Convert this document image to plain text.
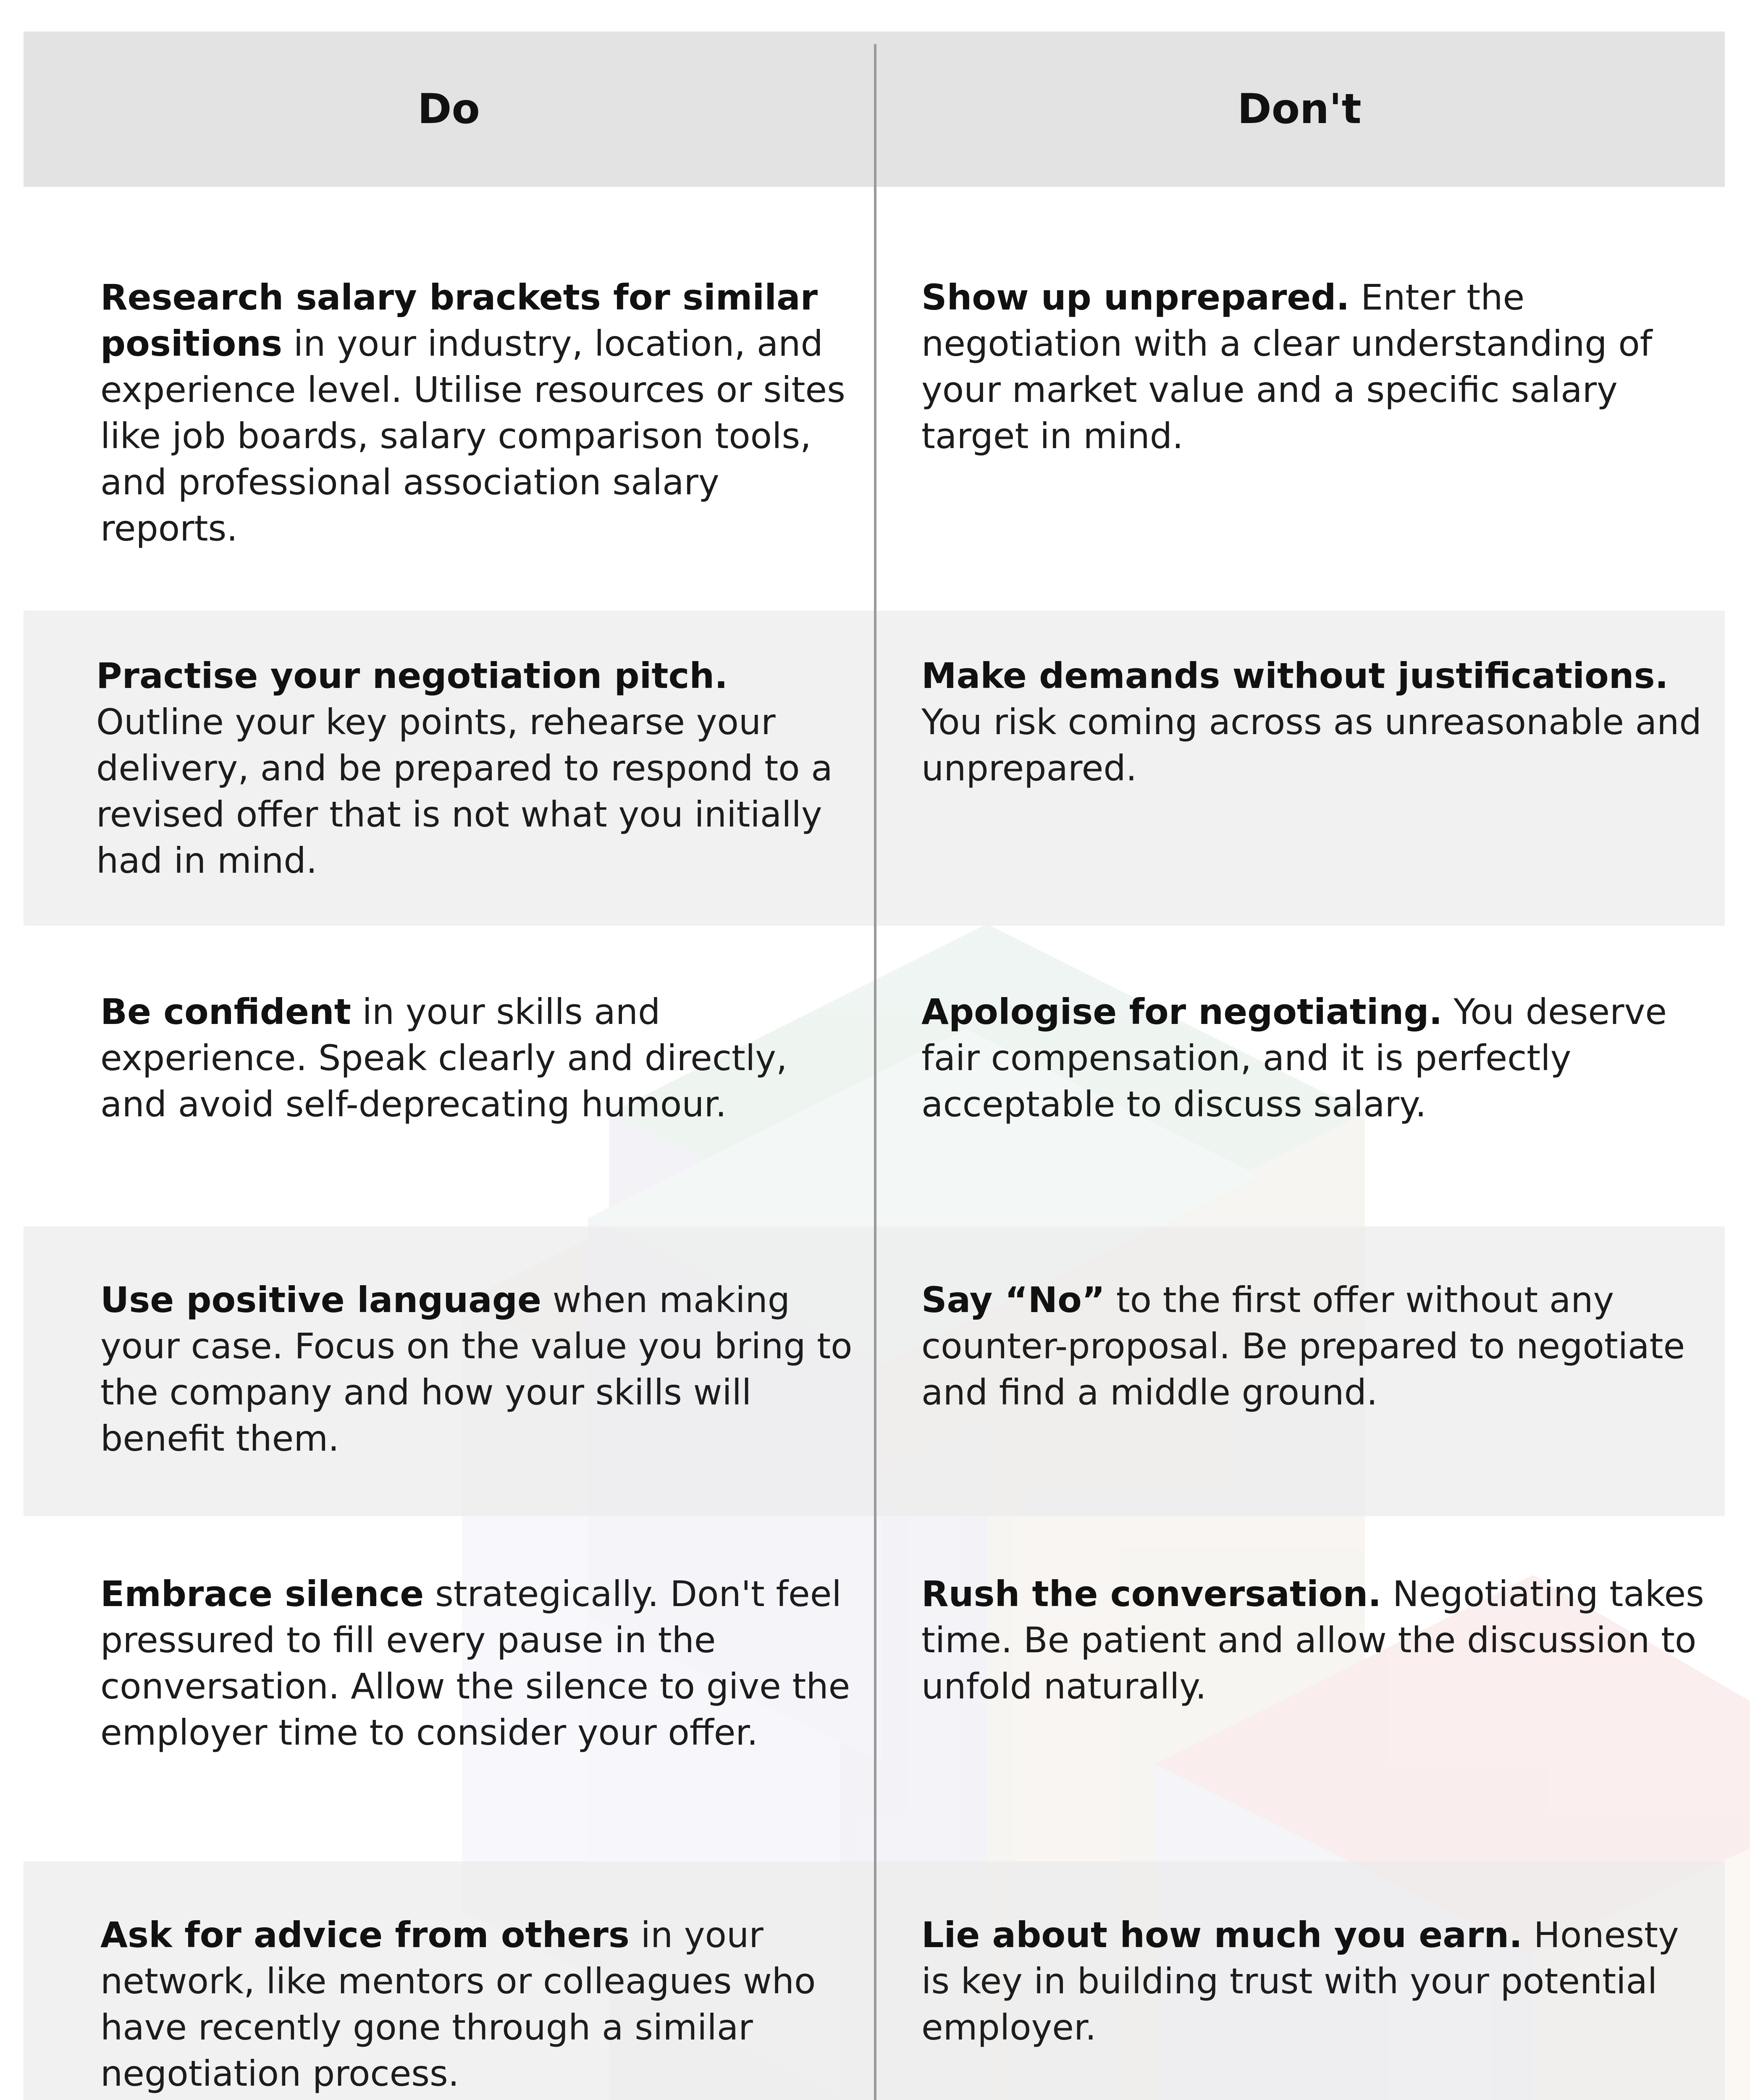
Do	Don't
Research salary brackets for similar positions in your industry, location, and experience level. Utilise resources or sites like job boards, salary comparison tools, and professional association salary reports.
Show up unprepared. Enter the negotiation with a clear understanding of your market value and a specific salary target in mind.
Practise your negotiation pitch. Outline your key points, rehearse your delivery, and be prepared to respond to a revised offer that is not what you initially had in mind.
Make demands without justifications. You risk coming across as unreasonable and unprepared.
Be confident in your skills and experience. Speak clearly and directly, and avoid self-deprecating humour.
Apologise for negotiating. You deserve fair compensation, and it is perfectly acceptable to discuss salary.
Use positive language when making your case. Focus on the value you bring to the company and how your skills will benefit them.
Say “No” to the first offer without any counter-proposal. Be prepared to negotiate and find a middle ground.
Embrace silence strategically. Don't feel pressured to fill every pause in the conversation. Allow the silence to give the employer time to consider your offer.
Rush the conversation. Negotiating takes time. Be patient and allow the discussion to unfold naturally.
Ask for advice from others in your network, like mentors or colleagues who have recently gone through a similar negotiation process.
Lie about how much you earn. Honesty is key in building trust with your potential employer.
